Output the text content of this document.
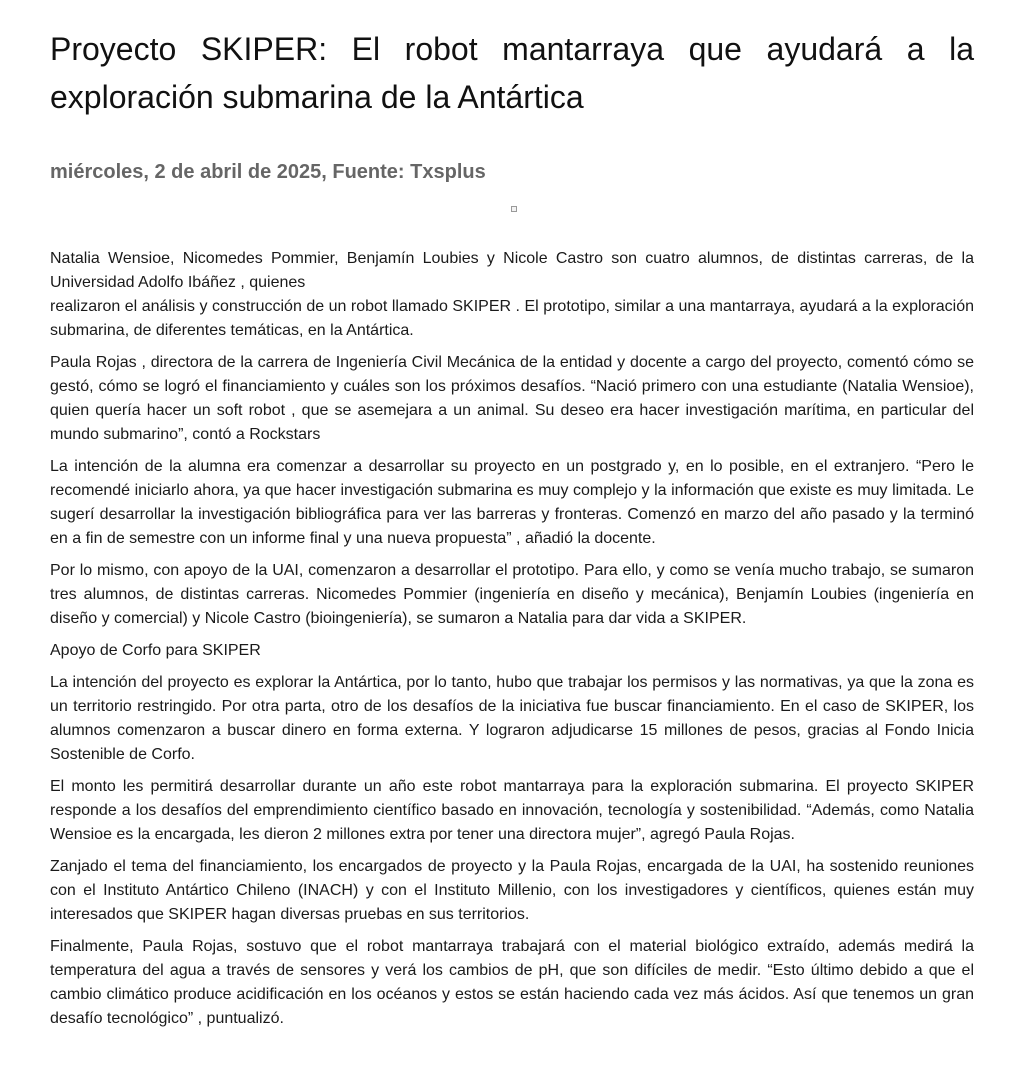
Proyecto SKIPER: El robot mantarraya que ayudará a la exploración submarina de la Antártica
miércoles, 2 de abril de 2025, Fuente: Txsplus

Natalia Wensioe, Nicomedes Pommier, Benjamín Loubies y Nicole Castro son cuatro alumnos, de distintas carreras, de la Universidad Adolfo Ibáñez , quienes

realizaron el análisis y construcción de un robot llamado SKIPER . El prototipo, similar a una mantarraya, ayudará a la exploración submarina, de diferentes temáticas, en la Antártica.

Paula Rojas , directora de la carrera de Ingeniería Civil Mecánica de la entidad y docente a cargo del proyecto, comentó cómo se gestó, cómo se logró el financiamiento y cuáles son los próximos desafíos. “Nació primero con una estudiante (Natalia Wensioe), quien quería hacer un soft robot , que se asemejara a un animal. Su deseo era hacer investigación marítima, en particular del mundo submarino”, contó a Rockstars

La intención de la alumna era comenzar a desarrollar su proyecto en un postgrado y, en lo posible, en el extranjero. “Pero le recomendé iniciarlo ahora, ya que hacer investigación submarina es muy complejo y la información que existe es muy limitada. Le sugerí desarrollar la investigación bibliográfica para ver las barreras y fronteras. Comenzó en marzo del año pasado y la terminó en a fin de semestre con un informe final y una nueva propuesta” , añadió la docente.

Por lo mismo, con apoyo de la UAI, comenzaron a desarrollar el prototipo. Para ello, y como se venía mucho trabajo, se sumaron tres alumnos, de distintas carreras. Nicomedes Pommier (ingeniería en diseño y mecánica), Benjamín Loubies (ingeniería en diseño y comercial) y Nicole Castro (bioingeniería), se sumaron a Natalia para dar vida a SKIPER.

Apoyo de Corfo para SKIPER

La intención del proyecto es explorar la Antártica, por lo tanto, hubo que trabajar los permisos y las normativas, ya que la zona es un territorio restringido. Por otra parta, otro de los desafíos de la iniciativa fue buscar financiamiento. En el caso de SKIPER, los alumnos comenzaron a buscar dinero en forma externa. Y lograron adjudicarse 15 millones de pesos, gracias al Fondo Inicia Sostenible de Corfo.

El monto les permitirá desarrollar durante un año este robot mantarraya para la exploración submarina. El proyecto SKIPER responde a los desafíos del emprendimiento científico basado en innovación, tecnología y sostenibilidad. “Además, como Natalia Wensioe es la encargada, les dieron 2 millones extra por tener una directora mujer”, agregó Paula Rojas.

Zanjado el tema del financiamiento, los encargados de proyecto y la Paula Rojas, encargada de la UAI, ha sostenido reuniones con el Instituto Antártico Chileno (INACH) y con el Instituto Millenio, con los investigadores y científicos, quienes están muy interesados que SKIPER hagan diversas pruebas en sus territorios.

Finalmente, Paula Rojas, sostuvo que el robot mantarraya trabajará con el material biológico extraído, además medirá la temperatura del agua a través de sensores y verá los cambios de pH, que son difíciles de medir. “Esto último debido a que el cambio climático produce acidificación en los océanos y estos se están haciendo cada vez más ácidos. Así que tenemos un gran desafío tecnológico” , puntualizó.
